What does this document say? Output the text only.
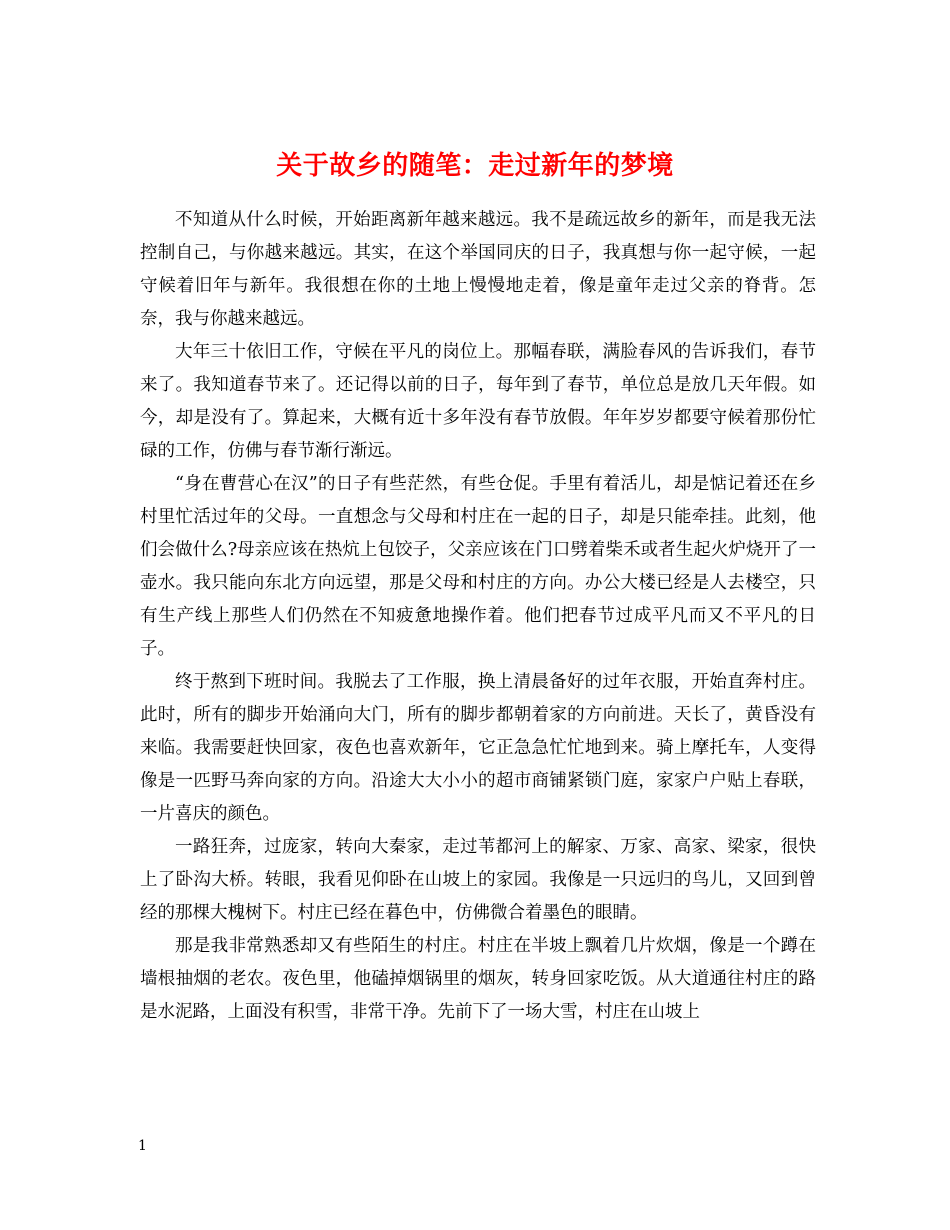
关于故乡的随笔：走过新年的梦境

不知道从什么时候，开始距离新年越来越远。我不是疏远故乡的新年，而是我无法控制自己，与你越来越远。其实，在这个举国同庆的日子，我真想与你一起守候，一起守候着旧年与新年。我很想在你的土地上慢慢地走着，像是童年走过父亲的脊背。怎奈，我与你越来越远。

大年三十依旧工作，守候在平凡的岗位上。那幅春联，满脸春风的告诉我们，春节来了。我知道春节来了。还记得以前的日子，每年到了春节，单位总是放几天年假。如今，却是没有了。算起来，大概有近十多年没有春节放假。年年岁岁都要守候着那份忙碌的工作，仿佛与春节渐行渐远。

“身在曹营心在汉”的日子有些茫然，有些仓促。手里有着活儿，却是惦记着还在乡村里忙活过年的父母。一直想念与父母和村庄在一起的日子，却是只能牵挂。此刻，他们会做什么?母亲应该在热炕上包饺子，父亲应该在门口劈着柴禾或者生起火炉烧开了一壶水。我只能向东北方向远望，那是父母和村庄的方向。办公大楼已经是人去楼空，只有生产线上那些人们仍然在不知疲惫地操作着。他们把春节过成平凡而又不平凡的日子。

终于熬到下班时间。我脱去了工作服，换上清晨备好的过年衣服，开始直奔村庄。此时，所有的脚步开始涌向大门，所有的脚步都朝着家的方向前进。天长了，黄昏没有来临。我需要赶快回家，夜色也喜欢新年，它正急急忙忙地到来。骑上摩托车，人变得像是一匹野马奔向家的方向。沿途大大小小的超市商铺紧锁门庭，家家户户贴上春联，一片喜庆的颜色。

一路狂奔，过庞家，转向大秦家，走过苇都河上的解家、万家、高家、梁家，很快上了卧沟大桥。转眼，我看见仰卧在山坡上的家园。我像是一只远归的鸟儿，又回到曾经的那棵大槐树下。村庄已经在暮色中，仿佛微合着墨色的眼睛。

那是我非常熟悉却又有些陌生的村庄。村庄在半坡上飘着几片炊烟，像是一个蹲在墙根抽烟的老农。夜色里，他磕掉烟锅里的烟灰，转身回家吃饭。从大道通往村庄的路是水泥路，上面没有积雪，非常干净。先前下了一场大雪，村庄在山坡上

1
